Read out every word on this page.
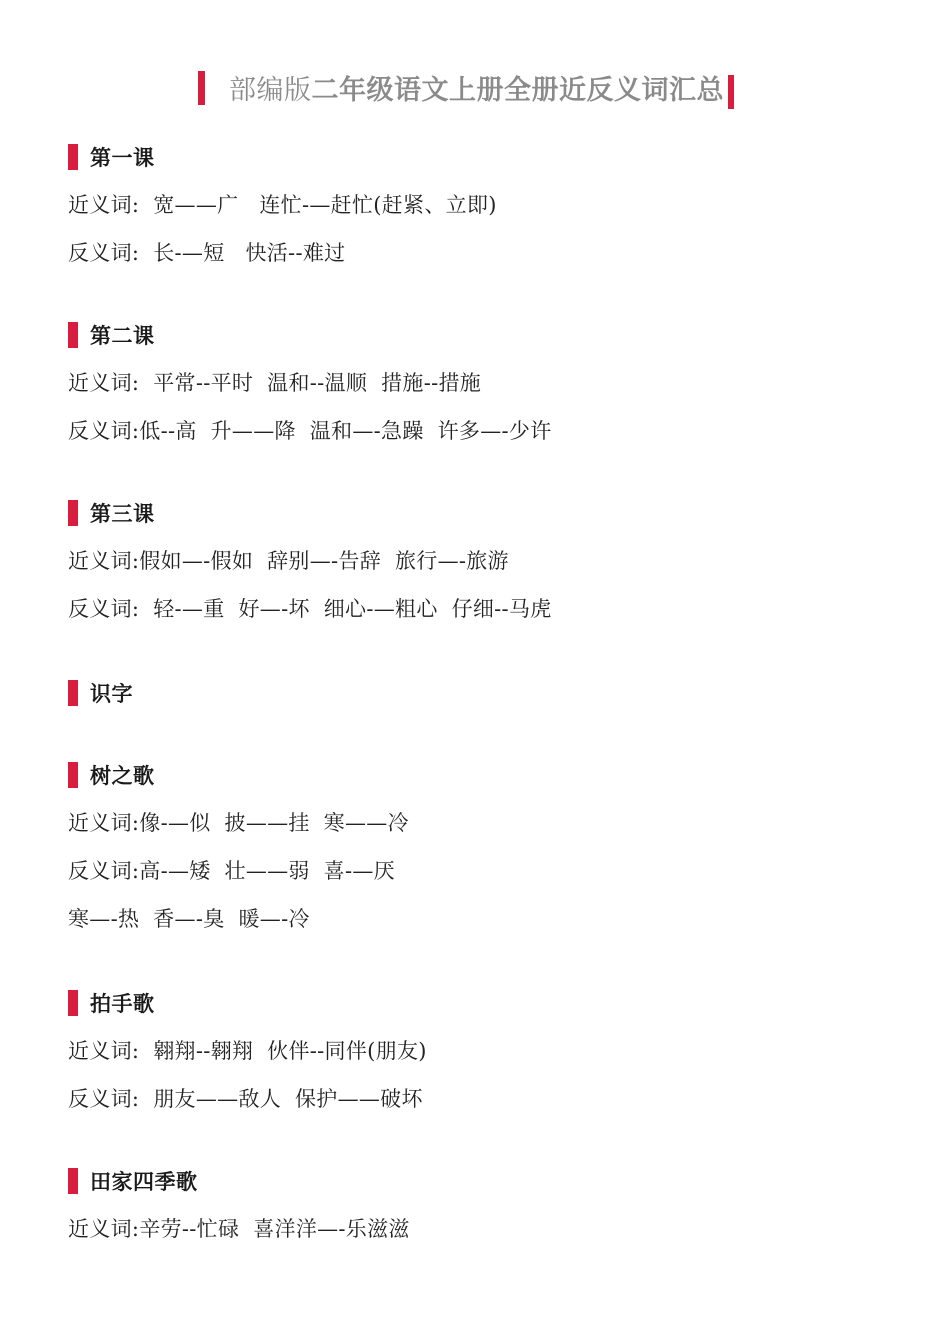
部编版二年级语文上册全册近反义词汇总
第一课
近义词:  宽——广   连忙-—赶忙(赶紧、立即)
反义词:  长-—短   快活--难过
第二课
近义词:  平常--平时  温和--温顺  措施--措施
反义词:低--高  升——降  温和—-急躁  许多—-少许
第三课
近义词:假如—-假如  辞别—-告辞  旅行—-旅游
反义词:  轻-—重  好—-坏  细心-—粗心  仔细--马虎
识字
树之歌
近义词:像-—似  披——挂  寒——冷
反义词:高-—矮  壮——弱  喜-—厌
寒—-热  香—-臭  暖—-冷
拍手歌
近义词:  翱翔--翱翔  伙伴--同伴(朋友)
反义词:  朋友——敌人  保护——破坏
田家四季歌
近义词:辛劳--忙碌  喜洋洋—-乐滋滋
